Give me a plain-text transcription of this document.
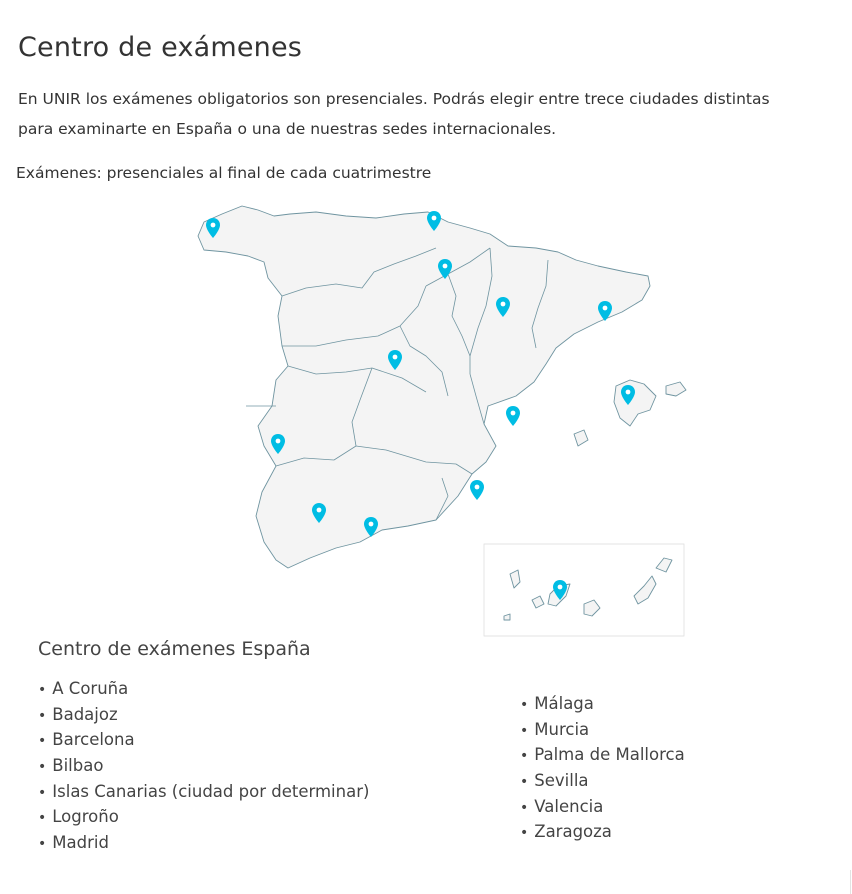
Centro de exámenes

En UNIR los exámenes obligatorios son presenciales. Podrás elegir entre trece ciudades distintas para examinarte en España o una de nuestras sedes internacionales.

Exámenes: presenciales al final de cada cuatrimestre

Centro de exámenes España
• A Coruña
• Badajoz
• Barcelona
• Bilbao
• Islas Canarias (ciudad por determinar)
• Logroño
• Madrid
• Málaga
• Murcia
• Palma de Mallorca
• Sevilla
• Valencia
• Zaragoza
